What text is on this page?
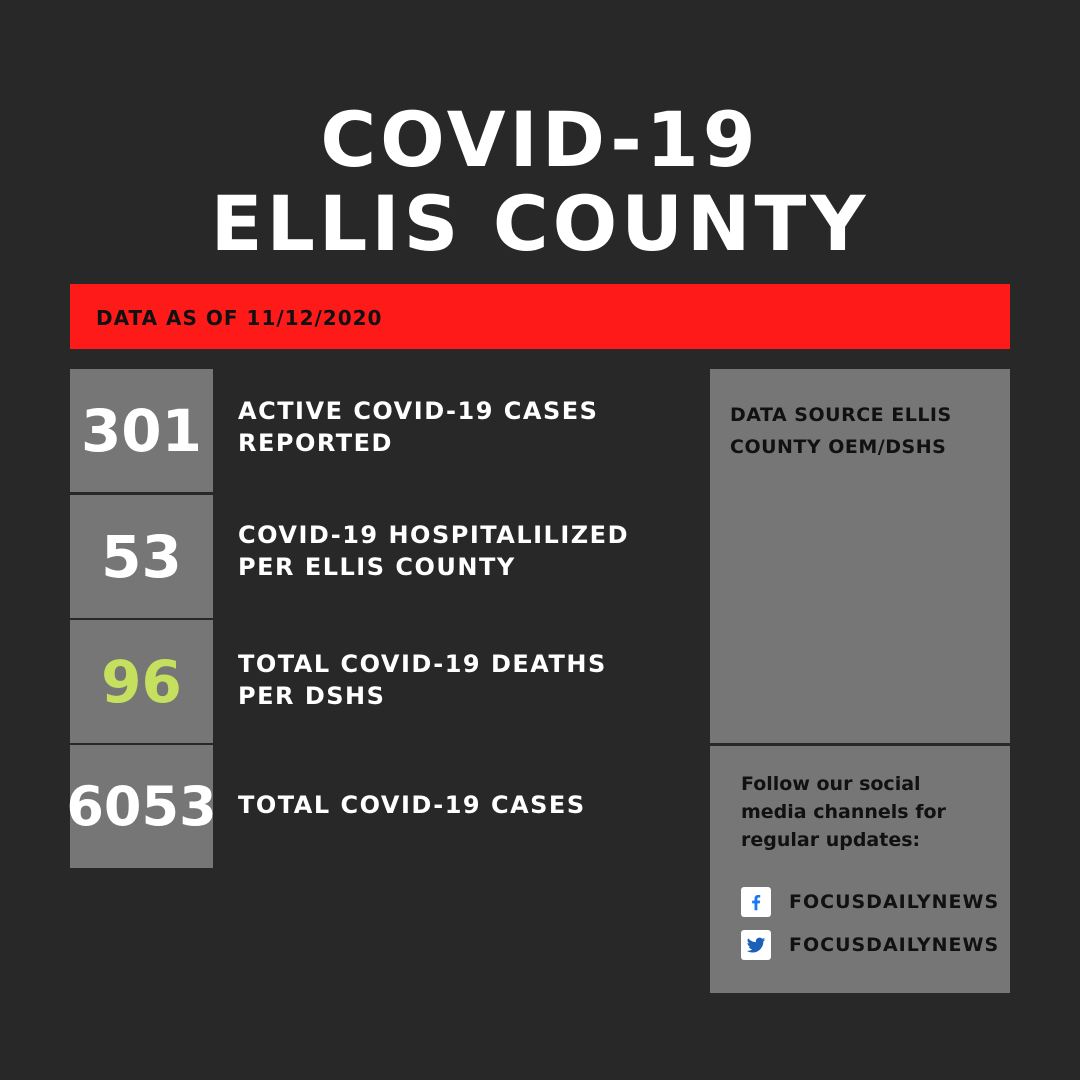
COVID-19
ELLIS COUNTY
DATA AS OF 11/12/2020
301	ACTIVE COVID-19 CASES
REPORTED
53	COVID-19 HOSPITALILIZED
PER ELLIS COUNTY
96	TOTAL COVID-19 DEATHS
PER DSHS
6053 TOTAL COVID-19 CASES
DATA SOURCE ELLIS
COUNTY OEM/DSHS
Follow our social
media channels for
regular updates:
FOCUSDAILYNEWS
FOCUSDAILYNEWS
